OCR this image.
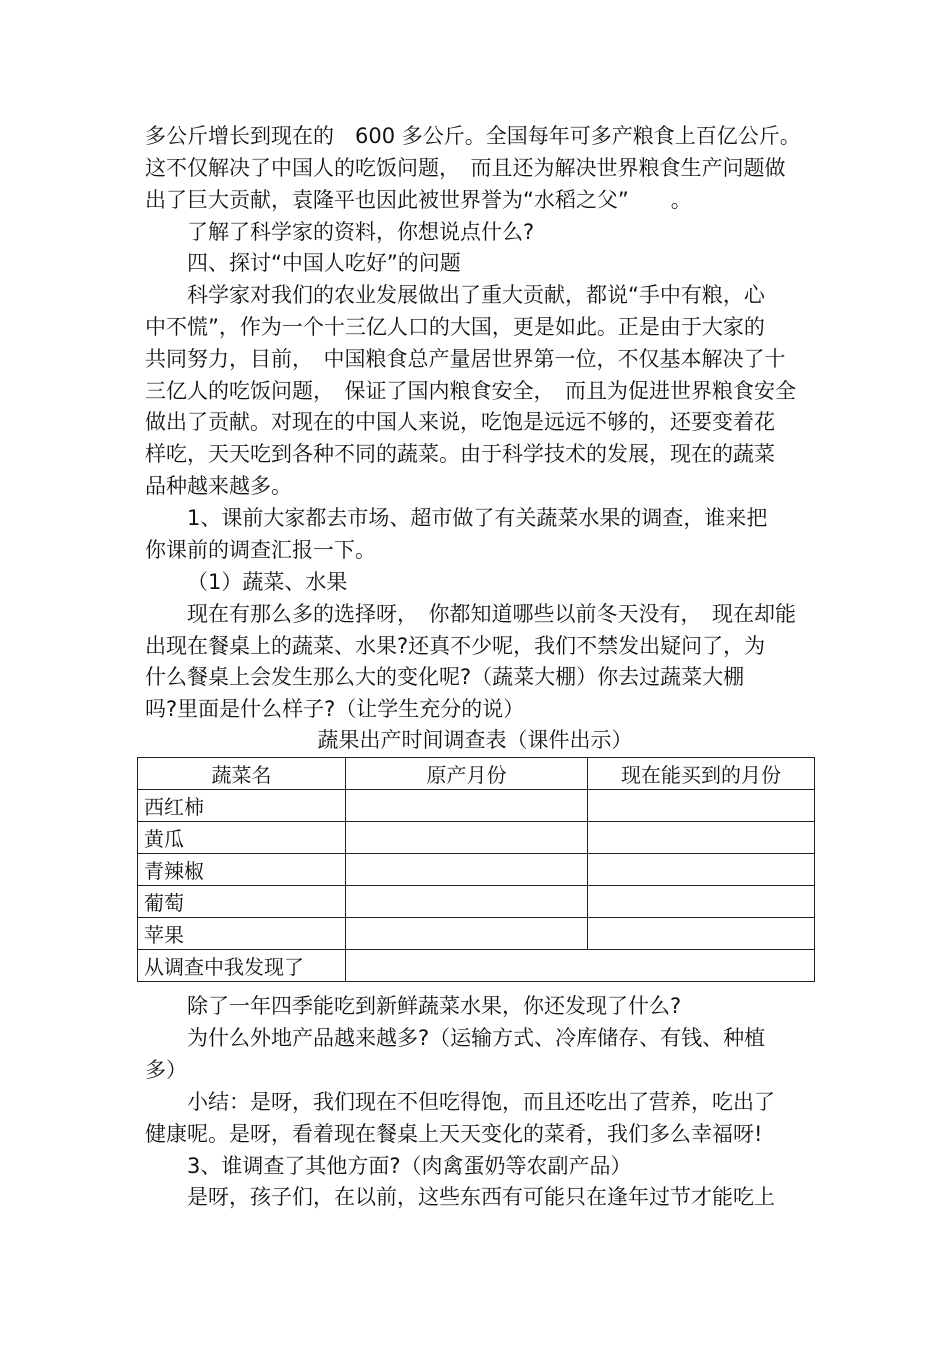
多公斤增长到现在的　600 多公斤。全国每年可多产粮食上百亿公斤。

这不仅解决了中国人的吃饭问题，　而且还为解决世界粮食生产问题做

出了巨大贡献，袁隆平也因此被世界誉为“水稻之父”　　。

了解了科学家的资料，你想说点什么?

四、探讨“中国人吃好”的问题

科学家对我们的农业发展做出了重大贡献，都说“手中有粮，心

中不慌”，作为一个十三亿人口的大国，更是如此。正是由于大家的

共同努力，目前，　中国粮食总产量居世界第一位，不仅基本解决了十

三亿人的吃饭问题，　保证了国内粮食安全，　而且为促进世界粮食安全

做出了贡献。对现在的中国人来说，吃饱是远远不够的，还要变着花

样吃，天天吃到各种不同的蔬菜。由于科学技术的发展，现在的蔬菜

品种越来越多。

1、课前大家都去市场、超市做了有关蔬菜水果的调查，谁来把

你课前的调查汇报一下。

（1）蔬菜、水果

现在有那么多的选择呀，　你都知道哪些以前冬天没有，　现在却能

出现在餐桌上的蔬菜、水果?还真不少呢，我们不禁发出疑问了，为

什么餐桌上会发生那么大的变化呢?（蔬菜大棚）你去过蔬菜大棚

吗?里面是什么样子?（让学生充分的说）

蔬果出产时间调查表（课件出示）

蔬菜名	原产月份	现在能买到的月份
西红柿		
黄瓜		
青辣椒		
葡萄		
苹果		
从调查中我发现了		

除了一年四季能吃到新鲜蔬菜水果，你还发现了什么?

为什么外地产品越来越多?（运输方式、冷库储存、有钱、种植

多）

小结：是呀，我们现在不但吃得饱，而且还吃出了营养，吃出了

健康呢。是呀，看着现在餐桌上天天变化的菜肴，我们多么幸福呀!

3、谁调查了其他方面?（肉禽蛋奶等农副产品）

是呀，孩子们，在以前，这些东西有可能只在逢年过节才能吃上
